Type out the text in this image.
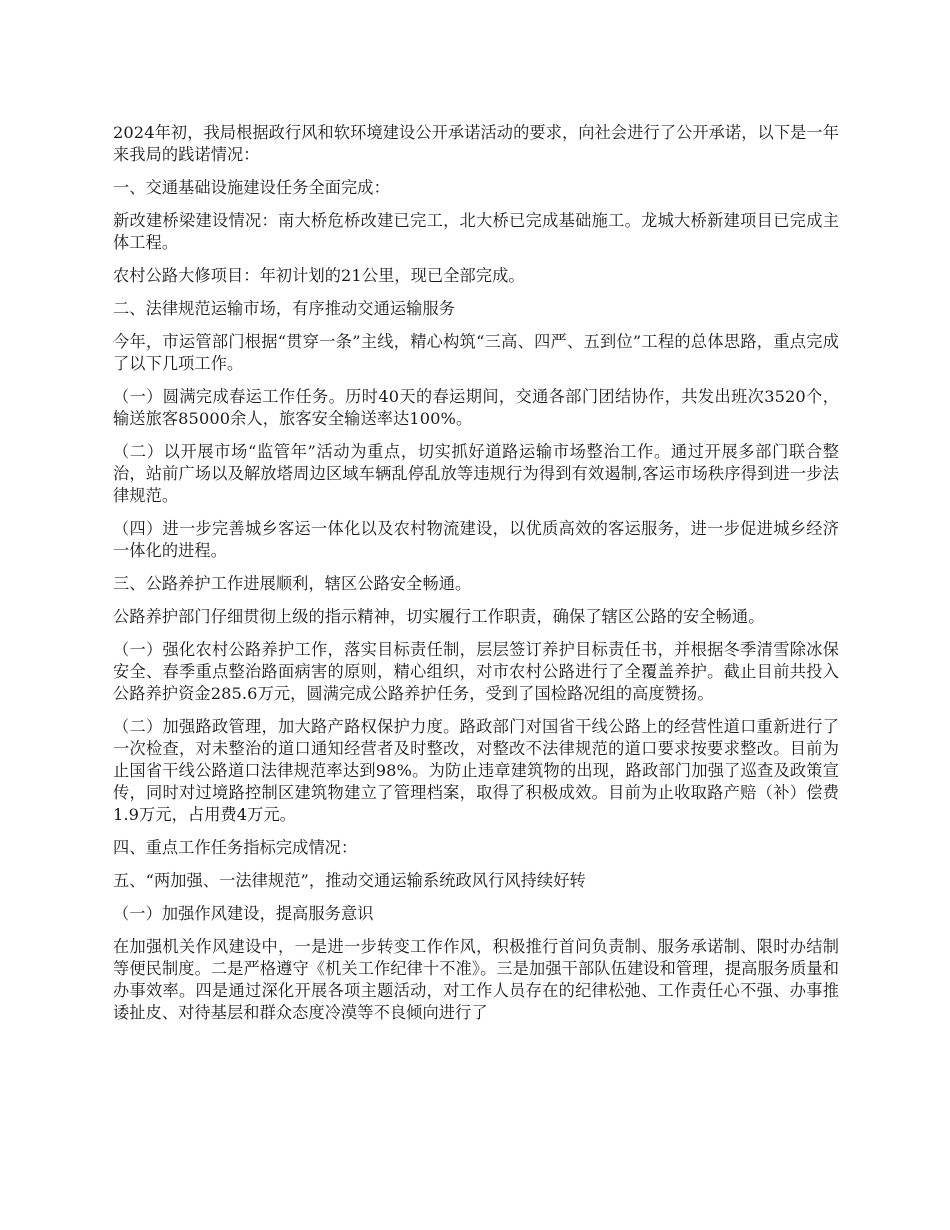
2024年初，我局根据政行风和软环境建设公开承诺活动的要求，向社会进行了公开承诺，以下是一年来我局的践诺情况：

一、交通基础设施建设任务全面完成：

新改建桥梁建设情况：南大桥危桥改建已完工，北大桥已完成基础施工。龙城大桥新建项目已完成主体工程。

农村公路大修项目：年初计划的21公里，现已全部完成。

二、法律规范运输市场，有序推动交通运输服务

今年，市运管部门根据“贯穿一条”主线，精心构筑“三高、四严、五到位”工程的总体思路，重点完成了以下几项工作。

（一）圆满完成春运工作任务。历时40天的春运期间，交通各部门团结协作，共发出班次3520个，输送旅客85000余人，旅客安全输送率达100%。

（二）以开展市场“监管年”活动为重点，切实抓好道路运输市场整治工作。通过开展多部门联合整治，站前广场以及解放塔周边区域车辆乱停乱放等违规行为得到有效遏制,客运市场秩序得到进一步法律规范。

（四）进一步完善城乡客运一体化以及农村物流建设，以优质高效的客运服务，进一步促进城乡经济一体化的进程。

三、公路养护工作进展顺利，辖区公路安全畅通。

公路养护部门仔细贯彻上级的指示精神，切实履行工作职责，确保了辖区公路的安全畅通。

（一）强化农村公路养护工作，落实目标责任制，层层签订养护目标责任书，并根据冬季清雪除冰保安全、春季重点整治路面病害的原则，精心组织，对市农村公路进行了全覆盖养护。截止目前共投入公路养护资金285.6万元，圆满完成公路养护任务，受到了国检路况组的高度赞扬。

（二）加强路政管理，加大路产路权保护力度。路政部门对国省干线公路上的经营性道口重新进行了一次检查，对未整治的道口通知经营者及时整改，对整改不法律规范的道口要求按要求整改。目前为止国省干线公路道口法律规范率达到98%。为防止违章建筑物的出现，路政部门加强了巡查及政策宣传，同时对过境路控制区建筑物建立了管理档案，取得了积极成效。目前为止收取路产赔（补）偿费1.9万元，占用费4万元。

四、重点工作任务指标完成情况：

五、“两加强、一法律规范”，推动交通运输系统政风行风持续好转

（一）加强作风建设，提高服务意识

在加强机关作风建设中，一是进一步转变工作作风，积极推行首问负责制、服务承诺制、限时办结制等便民制度。二是严格遵守《机关工作纪律十不准》。三是加强干部队伍建设和管理，提高服务质量和办事效率。四是通过深化开展各项主题活动，对工作人员存在的纪律松弛、工作责任心不强、办事推诿扯皮、对待基层和群众态度冷漠等不良倾向进行了
